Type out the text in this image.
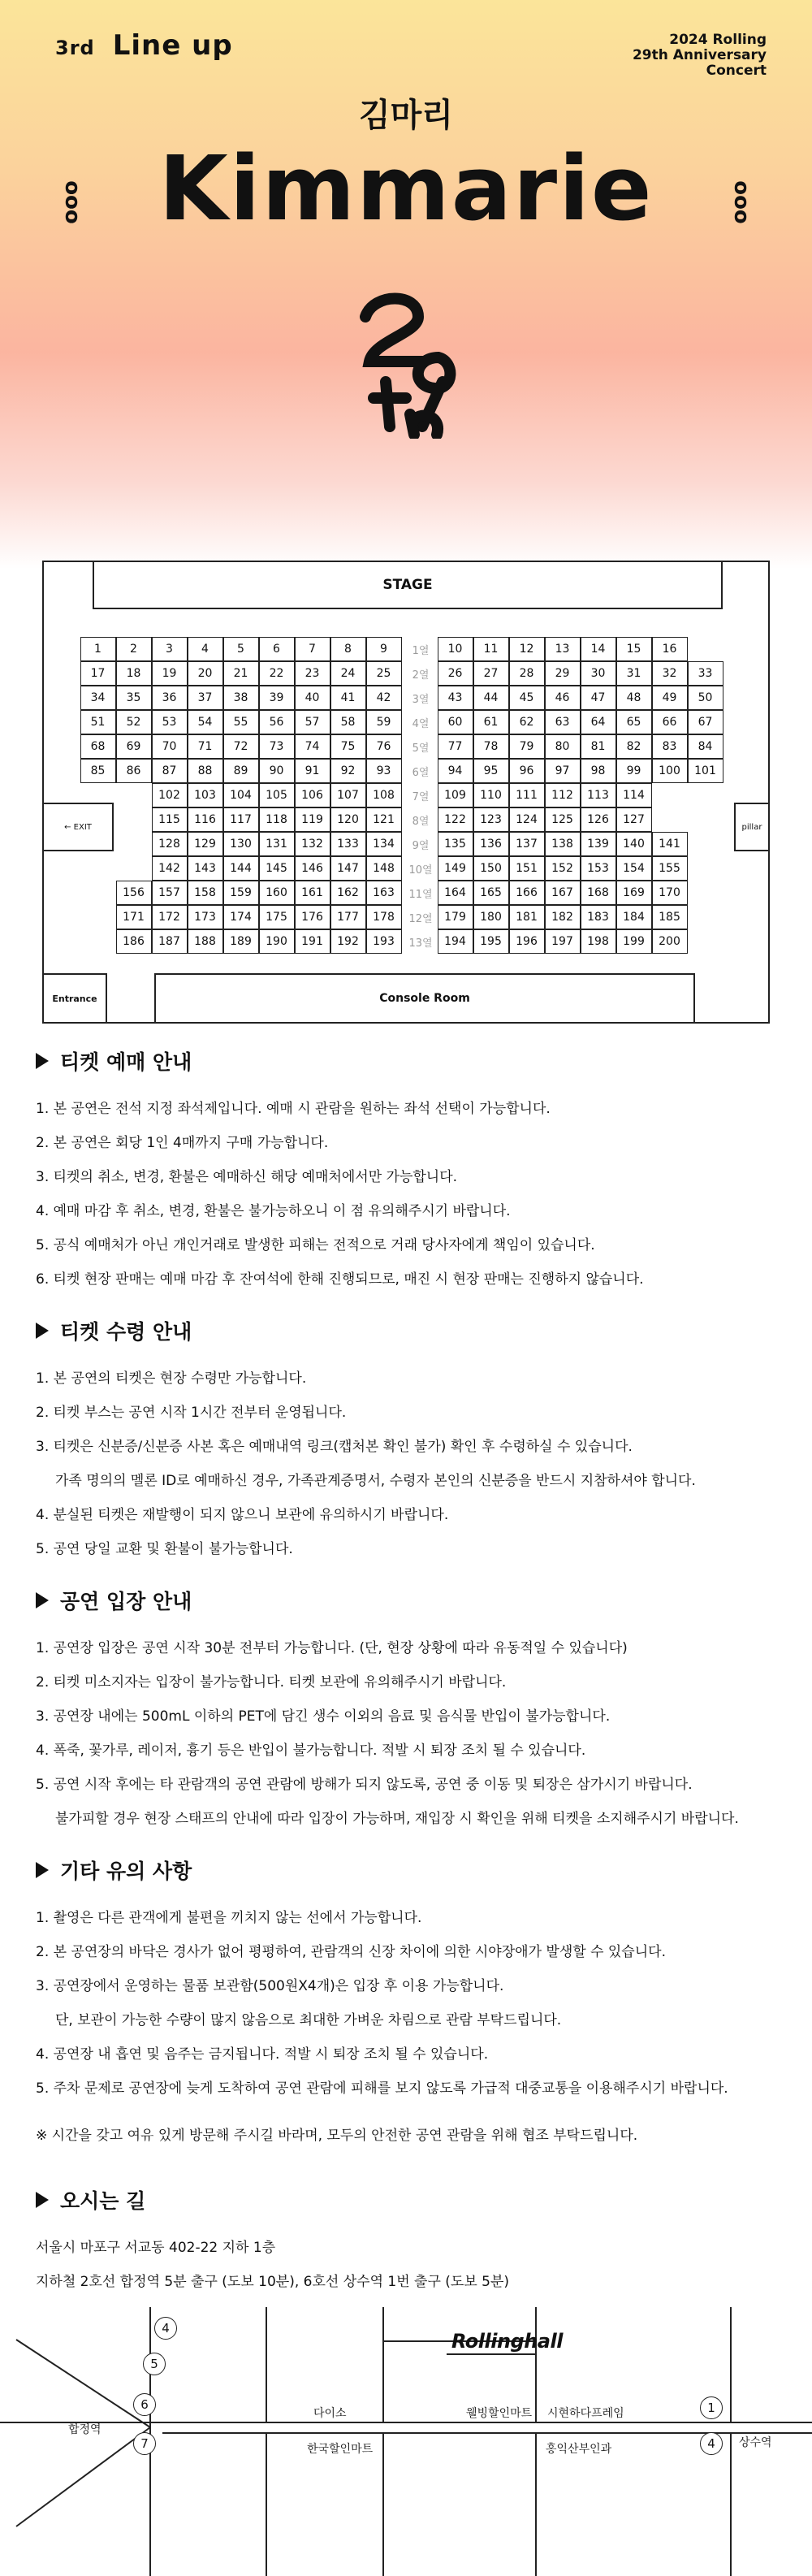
3rd Line up	2024 Rolling
29th Anniversary
Concert
김마리
Kimmarie
ooo	ooo
STAGE
← EXIT	pillar
Entrance	Console Room
1	2	3	4	5	6	7	8	9	1열	10	11	12	13	14	15	16
17	18	19	20	21	22	23	24	25	2열	26	27	28	29	30	31	32	33
34	35	36	37	38	39	40	41	42	3열	43	44	45	46	47	48	49	50
51	52	53	54	55	56	57	58	59	4열	60	61	62	63	64	65	66	67
68	69	70	71	72	73	74	75	76	5열	77	78	79	80	81	82	83	84
85	86	87	88	89	90	91	92	93	6열	94	95	96	97	98	99	100	101
102	103	104	105	106	107	108	7열	109	110	111	112	113	114
115	116	117	118	119	120	121	8열	122	123	124	125	126	127
128	129	130	131	132	133	134	9열	135	136	137	138	139	140	141
142	143	144	145	146	147	148	10열	149	150	151	152	153	154	155
156	157	158	159	160	161	162	163	11열	164	165	166	167	168	169	170
171	172	173	174	175	176	177	178	12열	179	180	181	182	183	184	185
186	187	188	189	190	191	192	193	13열	194	195	196	197	198	199	200
티켓 예매 안내
1. 본 공연은 전석 지정 좌석제입니다. 예매 시 관람을 원하는 좌석 선택이 가능합니다.
2. 본 공연은 회당 1인 4매까지 구매 가능합니다.
3. 티켓의 취소, 변경, 환불은 예매하신 해당 예매처에서만 가능합니다.
4. 예매 마감 후 취소, 변경, 환불은 불가능하오니 이 점 유의해주시기 바랍니다.
5. 공식 예매처가 아닌 개인거래로 발생한 피해는 전적으로 거래 당사자에게 책임이 있습니다.
6. 티켓 현장 판매는 예매 마감 후 잔여석에 한해 진행되므로, 매진 시 현장 판매는 진행하지 않습니다.
티켓 수령 안내
1. 본 공연의 티켓은 현장 수령만 가능합니다.
2. 티켓 부스는 공연 시작 1시간 전부터 운영됩니다.
3. 티켓은 신분증/신분증 사본 혹은 예매내역 링크(캡처본 확인 불가) 확인 후 수령하실 수 있습니다.
가족 명의의 멜론 ID로 예매하신 경우, 가족관계증명서, 수령자 본인의 신분증을 반드시 지참하셔야 합니다.
4. 분실된 티켓은 재발행이 되지 않으니 보관에 유의하시기 바랍니다.
5. 공연 당일 교환 및 환불이 불가능합니다.
공연 입장 안내
1. 공연장 입장은 공연 시작 30분 전부터 가능합니다. (단, 현장 상황에 따라 유동적일 수 있습니다)
2. 티켓 미소지자는 입장이 불가능합니다. 티켓 보관에 유의해주시기 바랍니다.
3. 공연장 내에는 500mL 이하의 PET에 담긴 생수 이외의 음료 및 음식물 반입이 불가능합니다.
4. 폭죽, 꽃가루, 레이저, 흉기 등은 반입이 불가능합니다. 적발 시 퇴장 조치 될 수 있습니다.
5. 공연 시작 후에는 타 관람객의 공연 관람에 방해가 되지 않도록, 공연 중 이동 및 퇴장은 삼가시기 바랍니다.
불가피할 경우 현장 스태프의 안내에 따라 입장이 가능하며, 재입장 시 확인을 위해 티켓을 소지해주시기 바랍니다.
기타 유의 사항
1. 촬영은 다른 관객에게 불편을 끼치지 않는 선에서 가능합니다.
2. 본 공연장의 바닥은 경사가 없어 평평하여, 관람객의 신장 차이에 의한 시야장애가 발생할 수 있습니다.
3. 공연장에서 운영하는 물품 보관함(500원X4개)은 입장 후 이용 가능합니다.
단, 보관이 가능한 수량이 많지 않음으로 최대한 가벼운 차림으로 관람 부탁드립니다.
4. 공연장 내 흡연 및 음주는 금지됩니다. 적발 시 퇴장 조치 될 수 있습니다.
5. 주차 문제로 공연장에 늦게 도착하여 공연 관람에 피해를 보지 않도록 가급적 대중교통을 이용해주시기 바랍니다.
※ 시간을 갖고 여유 있게 방문해 주시길 바라며, 모두의 안전한 공연 관람을 위해 협조 부탁드립니다.
오시는 길
서울시 마포구 서교동 402-22 지하 1층
지하철 2호선 합정역 5분 출구 (도보 10분), 6호선 상수역 1번 출구 (도보 5분)
Rollinghall
합정역
상수역
다이소
한국할인마트
웰빙할인마트 시현하다프레임
홍익산부인과
4
5
6
7
1
4
